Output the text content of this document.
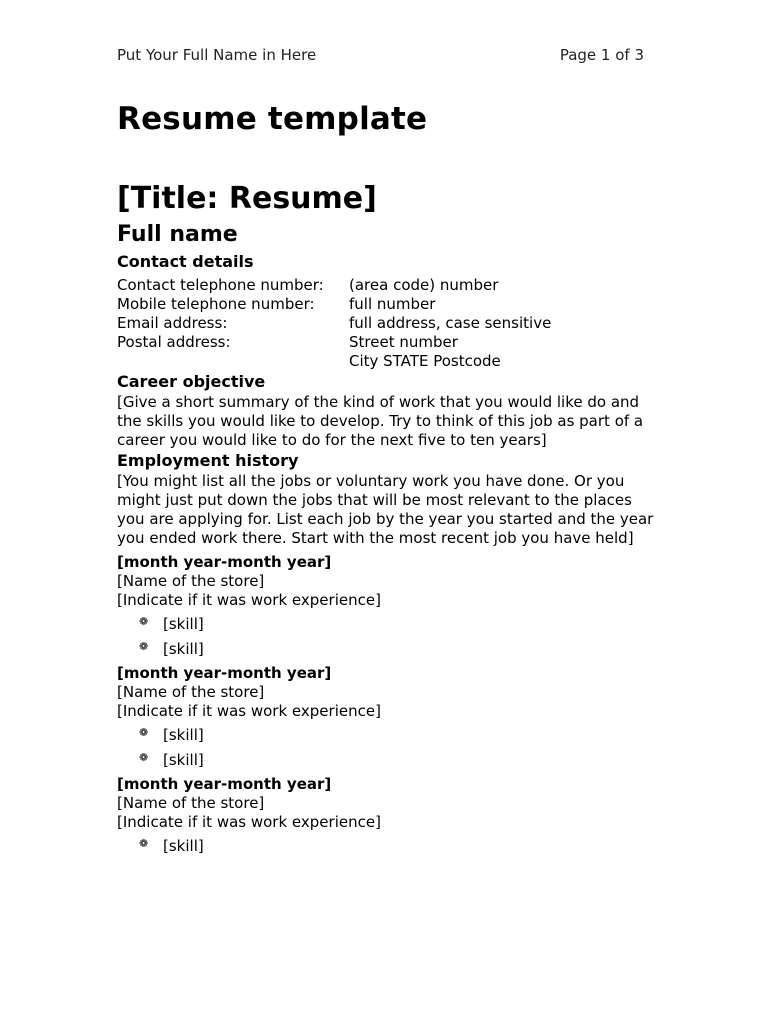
Put Your Full Name in Here	Page 1 of 3
Resume template
[Title: Resume]
Full name
Contact details
Contact telephone number:	(area code) number
Mobile telephone number:	full number
Email address:	full address, case sensitive
Postal address:	Street number
	City STATE Postcode
Career objective

[Give a short summary of the kind of work that you would like do and the skills you would like to develop. Try to think of this job as part of a career you would like to do for the next five to ten years]

Employment history

[You might list all the jobs or voluntary work you have done. Or you might just put down the jobs that will be most relevant to the places you are applying for. List each job by the year you started and the year you ended work there. Start with the most recent job you have held]

[month year-month year]
[Name of the store]
[Indicate if it was work experience]
❁ [skill]
❁ [skill]
[month year-month year]
[Name of the store]
[Indicate if it was work experience]
❁ [skill]
❁ [skill]
[month year-month year]
[Name of the store]
[Indicate if it was work experience]
❁ [skill]
